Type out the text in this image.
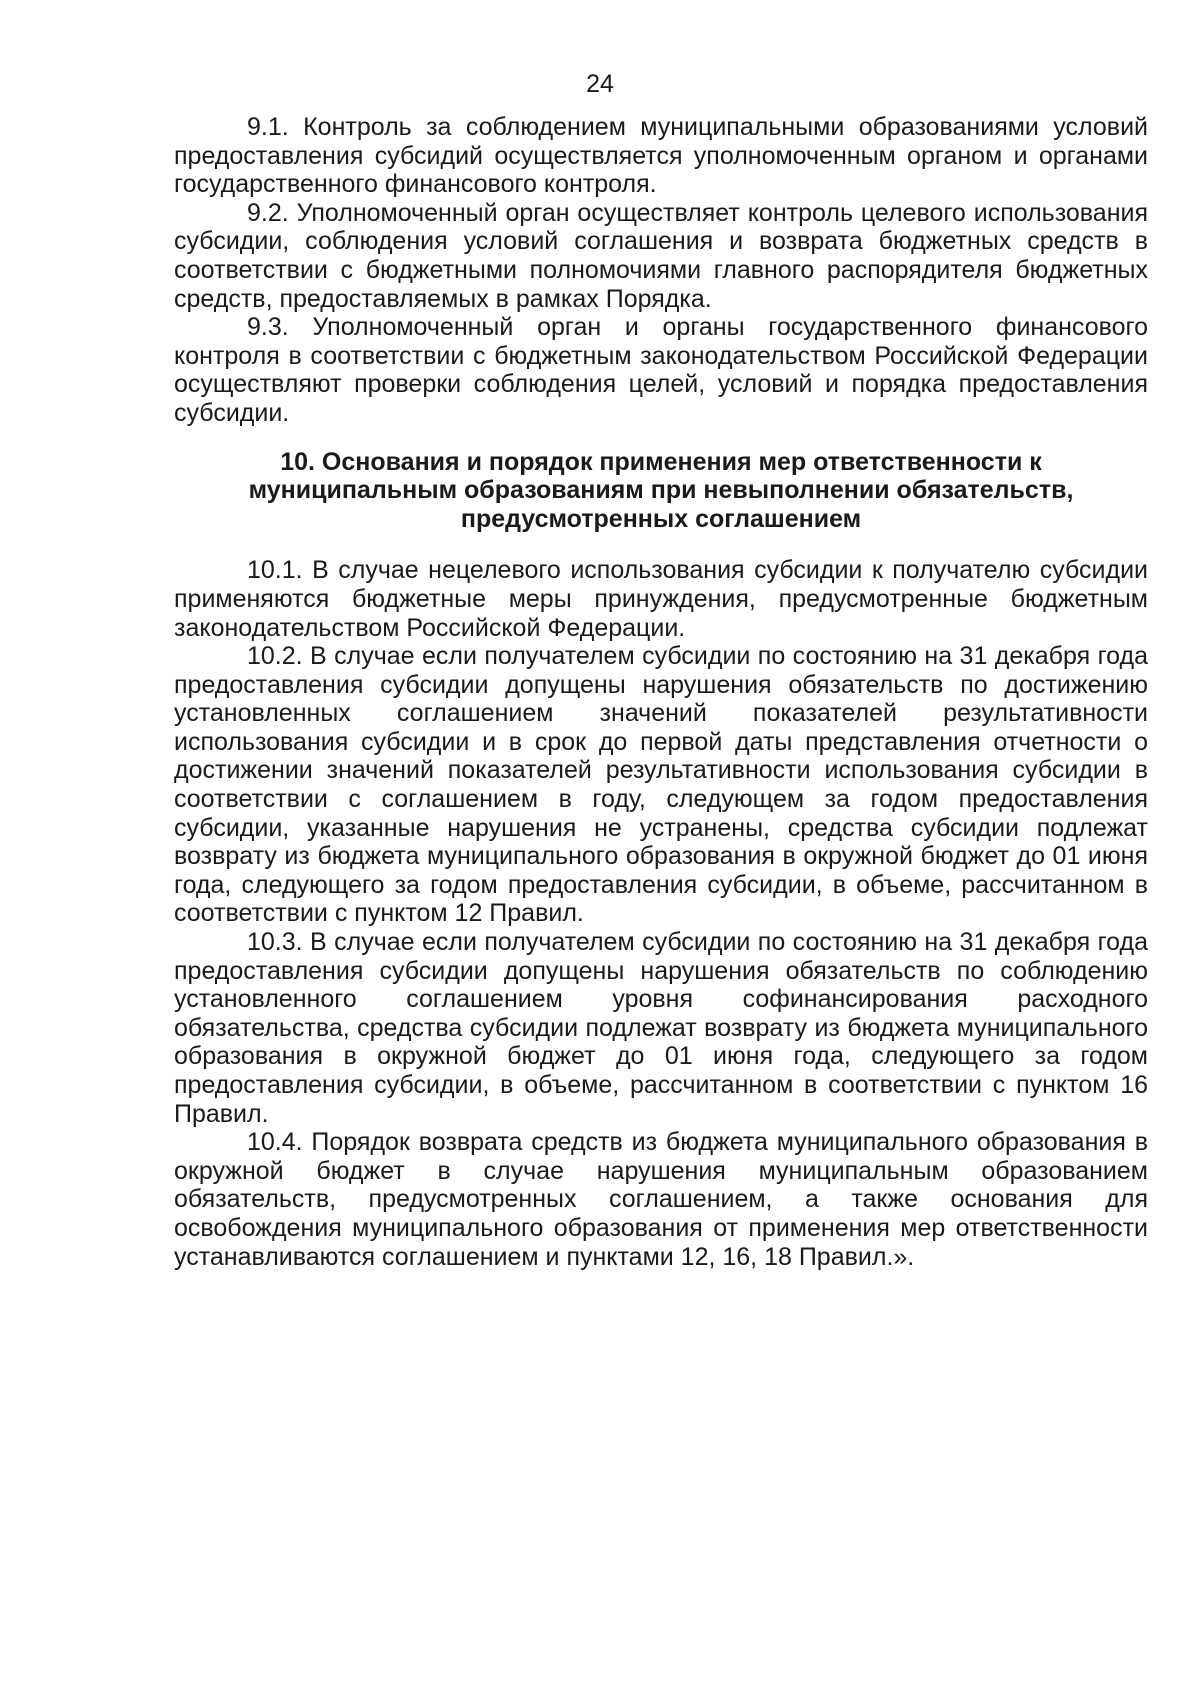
24

9.1. Контроль за соблюдением муниципальными образованиями условий предоставления субсидий осуществляется уполномоченным органом и органами государственного финансового контроля.

9.2. Уполномоченный орган осуществляет контроль целевого использования субсидии, соблюдения условий соглашения и возврата бюджетных средств в соответствии с бюджетными полномочиями главного распорядителя бюджетных средств, предоставляемых в рамках Порядка.

9.3. Уполномоченный орган и органы государственного финансового контроля в соответствии с бюджетным законодательством Российской Федерации осуществляют проверки соблюдения целей, условий и порядка предоставления субсидии.

10. Основания и порядок применения мер ответственности к муниципальным образованиям при невыполнении обязательств, предусмотренных соглашением

10.1. В случае нецелевого использования субсидии к получателю субсидии применяются бюджетные меры принуждения, предусмотренные бюджетным законодательством Российской Федерации.

10.2. В случае если получателем субсидии по состоянию на 31 декабря года предоставления субсидии допущены нарушения обязательств по достижению установленных соглашением значений показателей результативности использования субсидии и в срок до первой даты представления отчетности о достижении значений показателей результативности использования субсидии в соответствии с соглашением в году, следующем за годом предоставления субсидии, указанные нарушения не устранены, средства субсидии подлежат возврату из бюджета муниципального образования в окружной бюджет до 01 июня года, следующего за годом предоставления субсидии, в объеме, рассчитанном в соответствии с пунктом 12 Правил.

10.3. В случае если получателем субсидии по состоянию на 31 декабря года предоставления субсидии допущены нарушения обязательств по соблюдению установленного соглашением уровня софинансирования расходного обязательства, средства субсидии подлежат возврату из бюджета муниципального образования в окружной бюджет до 01 июня года, следующего за годом предоставления субсидии, в объеме, рассчитанном в соответствии с пунктом 16 Правил.

10.4. Порядок возврата средств из бюджета муниципального образования в окружной бюджет в случае нарушения муниципальным образованием обязательств, предусмотренных соглашением, а также основания для освобождения муниципального образования от применения мер ответственности устанавливаются соглашением и пунктами 12, 16, 18 Правил.».
